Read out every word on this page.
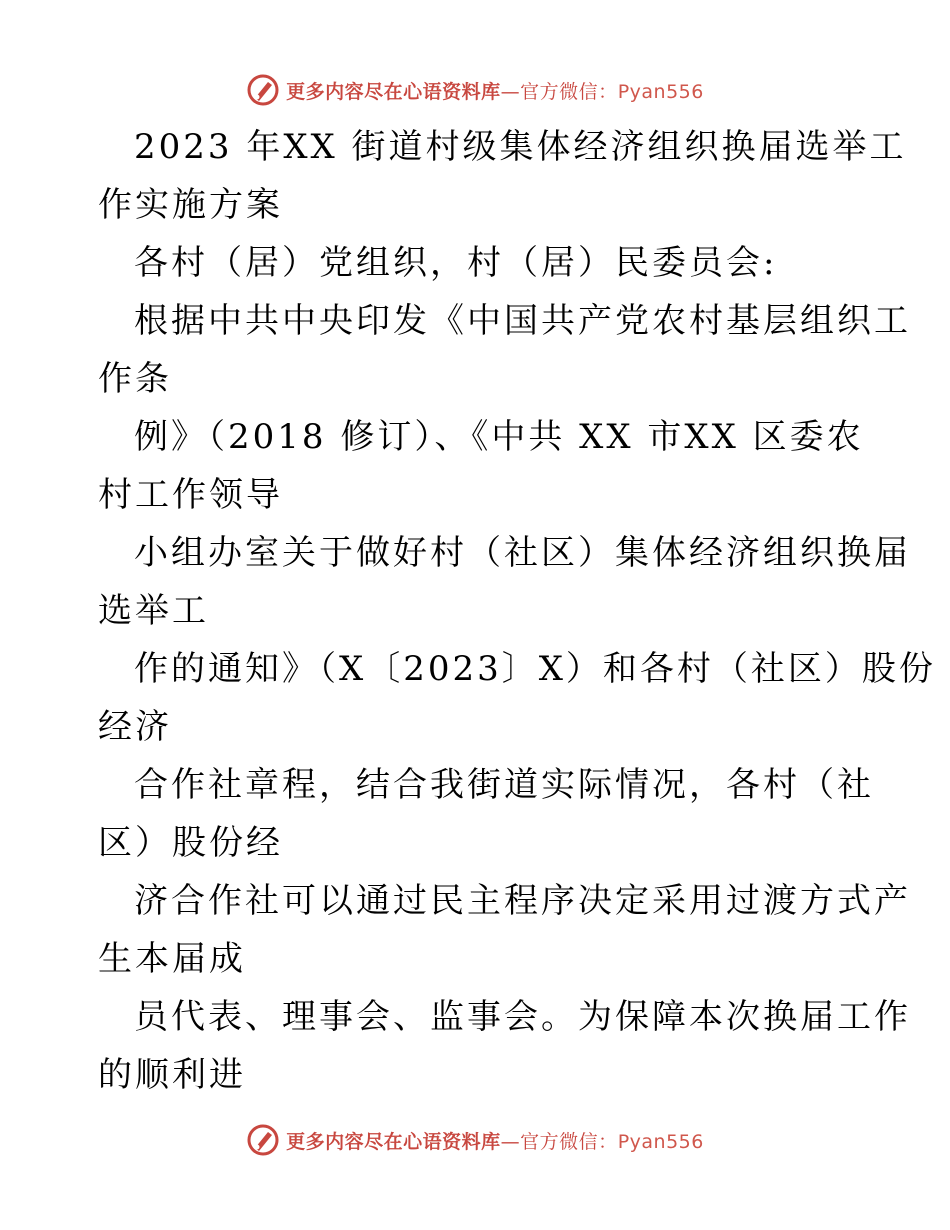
更多内容尽在心语资料库—官方微信：Pyan556
2023 年XX 街道村级集体经济组织换届选举工
作实施方案
各村（居）党组织，村（居）民委员会:
根据中共中央印发《中国共产党农村基层组织工
作条
例》（2018 修订）、《中共 XX 市XX 区委农
村工作领导
小组办室关于做好村（社区）集体经济组织换届
选举工
作的通知》（X〔2023〕X）和各村（社区）股份
经济
合作社章程，结合我街道实际情况，各村（社
区）股份经
济合作社可以通过民主程序决定采用过渡方式产
生本届成
员代表、理事会、监事会。为保障本次换届工作
的顺利进
更多内容尽在心语资料库—官方微信：Pyan556
